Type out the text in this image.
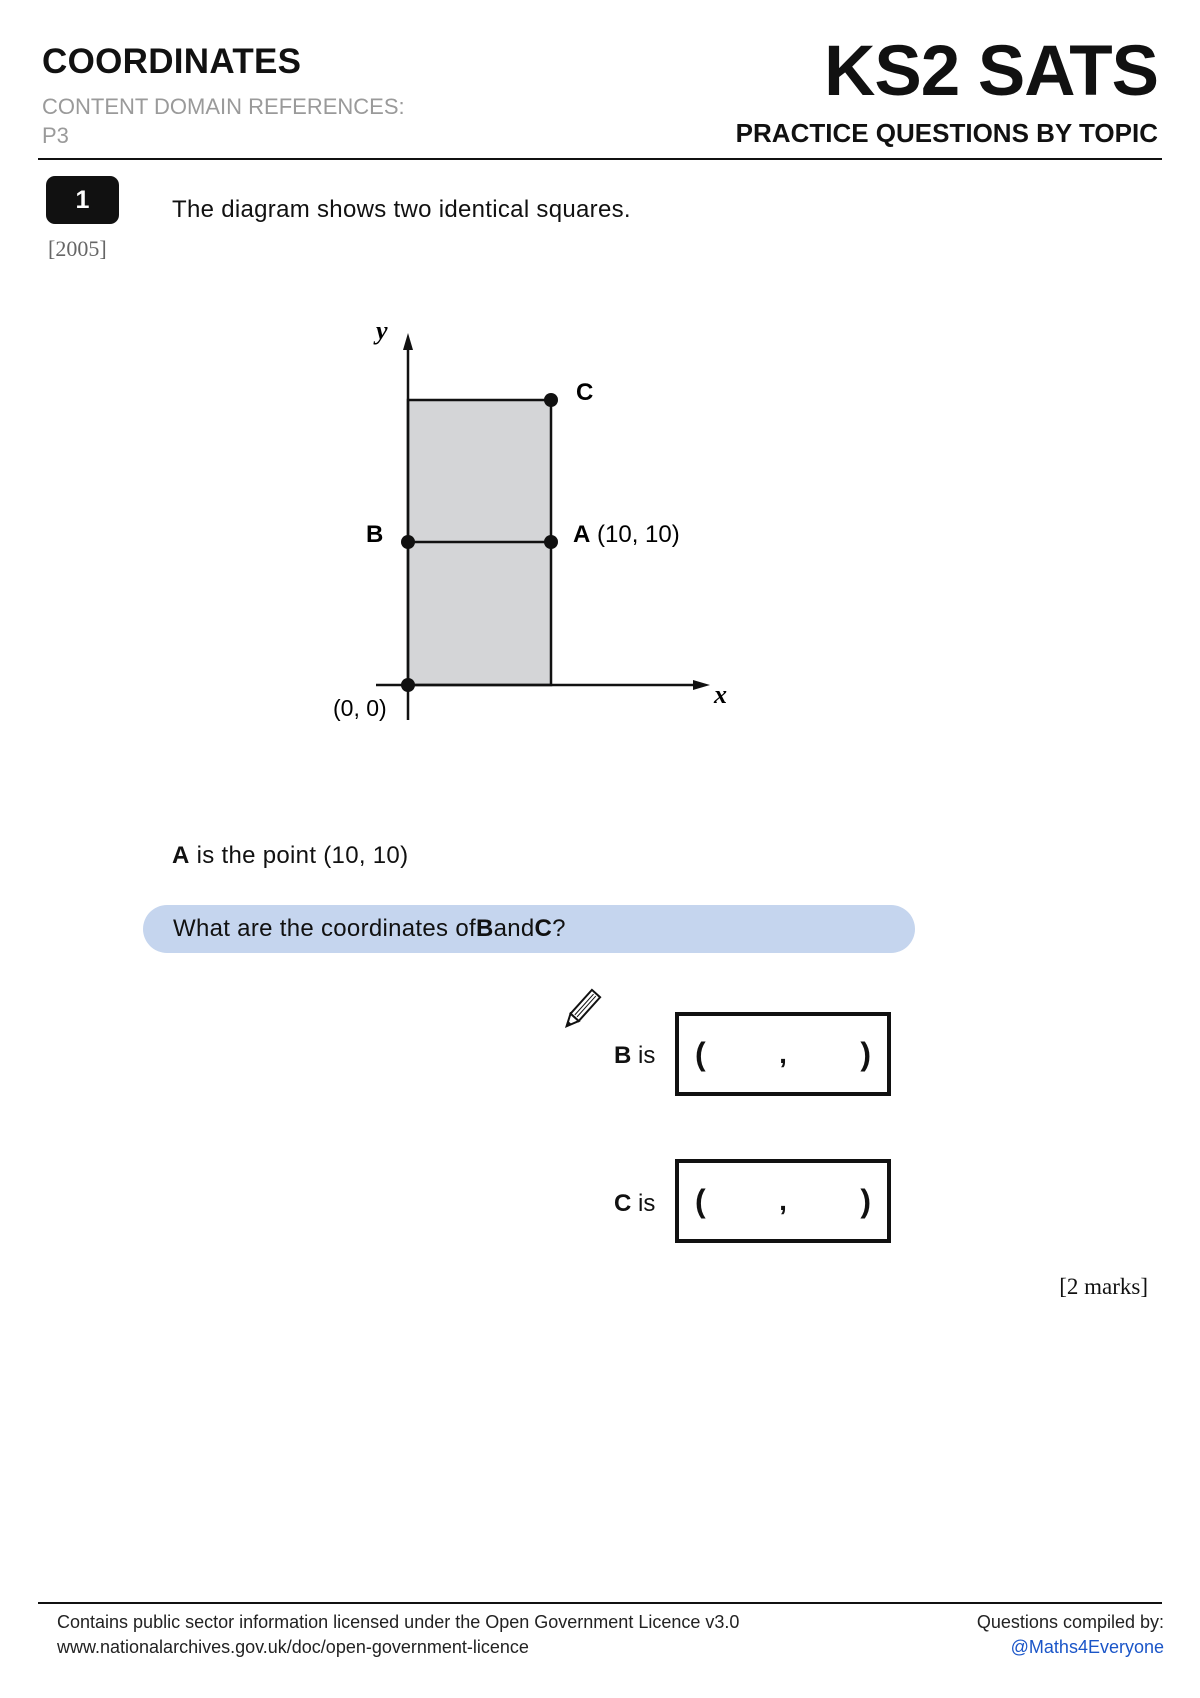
COORDINATES
CONTENT DOMAIN REFERENCES:
P3
KS2 SATS
PRACTICE QUESTIONS BY TOPIC
1
[2005]
The diagram shows two identical squares.
y
x
C
B	A (10, 10)
(0, 0)
A is the point (10, 10)
What are the coordinates of B and C ?
B is (	, )
C is (	, )
[2 marks]
Contains public sector information licensed under the Open Government Licence v3.0
www.nationalarchives.gov.uk/doc/open-government-licence
Questions compiled by:
@Maths4Everyone
